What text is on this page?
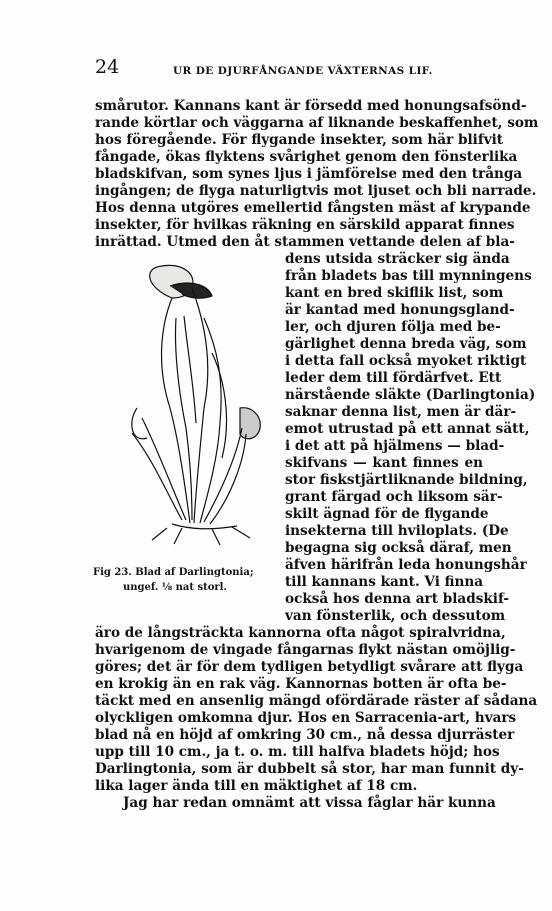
24	UR DE DJURFÅNGANDE VÄXTERNAS LIF.
smårutor. Kannans kant är försedd med honungsafsönd-
rande körtlar och väggarna af liknande beskaffenhet, som
hos föregående. För flygande insekter, som här blifvit
fångade, ökas flyktens svårighet genom den fönsterlika
bladskifvan, som synes ljus i jämförelse med den trånga
ingången; de flyga naturligtvis mot ljuset och bli narrade.
Hos denna utgöres emellertid fångsten mäst af krypande
insekter, för hvilkas räkning en särskild apparat finnes
inrättad. Utmed den åt stammen vettande delen af bla-
dens utsida sträcker sig ända
från bladets bas till mynningens
kant en bred skiflik list, som
är kantad med honungsgland-
ler, och djuren följa med be-
gärlighet denna breda väg, som
i detta fall också myoket riktigt
leder dem till fördärfvet. Ett
närstående släkte (Darlingtonia)
saknar denna list, men är där-
emot utrustad på ett annat sätt,
i det att på hjälmens — blad-
skifvans — kant finnes en
stor fiskstjärtliknande bildning,
grant färgad och liksom sär-
skilt ägnad för de flygande
insekterna till hviloplats. (De
begagna sig också däraf, men
äfven härifrån leda honungshår
till kannans kant. Vi finna
också hos denna art bladskif-
van fönsterlik, och dessutom
äro de långsträckta kannorna ofta något spiralvridna,
hvarigenom de vingade fångarnas flykt nästan omöjlig-
göres; det är för dem tydligen betydligt svårare att flyga
en krokig än en rak väg. Kannornas botten är ofta be-
täckt med en ansenlig mängd ofördärade räster af sådana
olyckligen omkomna djur. Hos en Sarracenia-art, hvars
blad nå en höjd af omkring 30 cm., nå dessa djurräster
upp till 10 cm., ja t. o. m. till halfva bladets höjd; hos
Darlingtonia, som är dubbelt så stor, har man funnit dy-
lika lager ända till en mäktighet af 18 cm.
Jag har redan omnämt att vissa fåglar här kunna
Fig 23. Blad af Darlingtonia;
ungef. ⅛ nat storl.
